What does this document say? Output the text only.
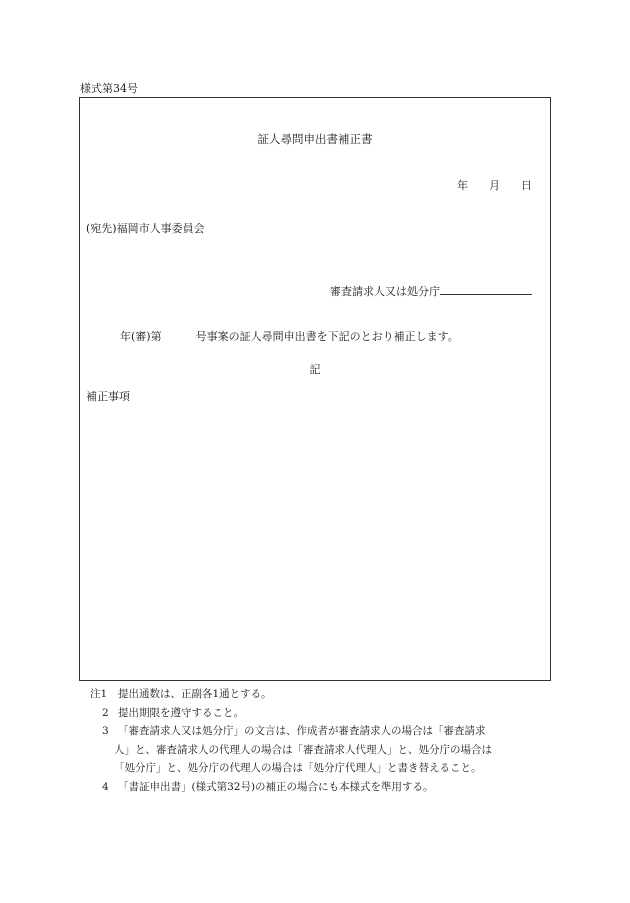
様式第34号
証人尋問申出書補正書
年 月 日
(宛先)福岡市人事委員会
審査請求人又は処分庁
年(審)第	号事案の証人尋問申出書を下記のとおり補正します。
記
補正事項
注1	提出通数は、正副各1通とする。
2 提出期限を遵守すること。
3 「審査請求人又は処分庁」の文言は、作成者が審査請求人の場合は「審査請求
人」と、審査請求人の代理人の場合は「審査請求人代理人」と、処分庁の場合は
「処分庁」と、処分庁の代理人の場合は「処分庁代理人」と書き替えること。
4 「書証申出書」(様式第32号)の補正の場合にも本様式を準用する。
